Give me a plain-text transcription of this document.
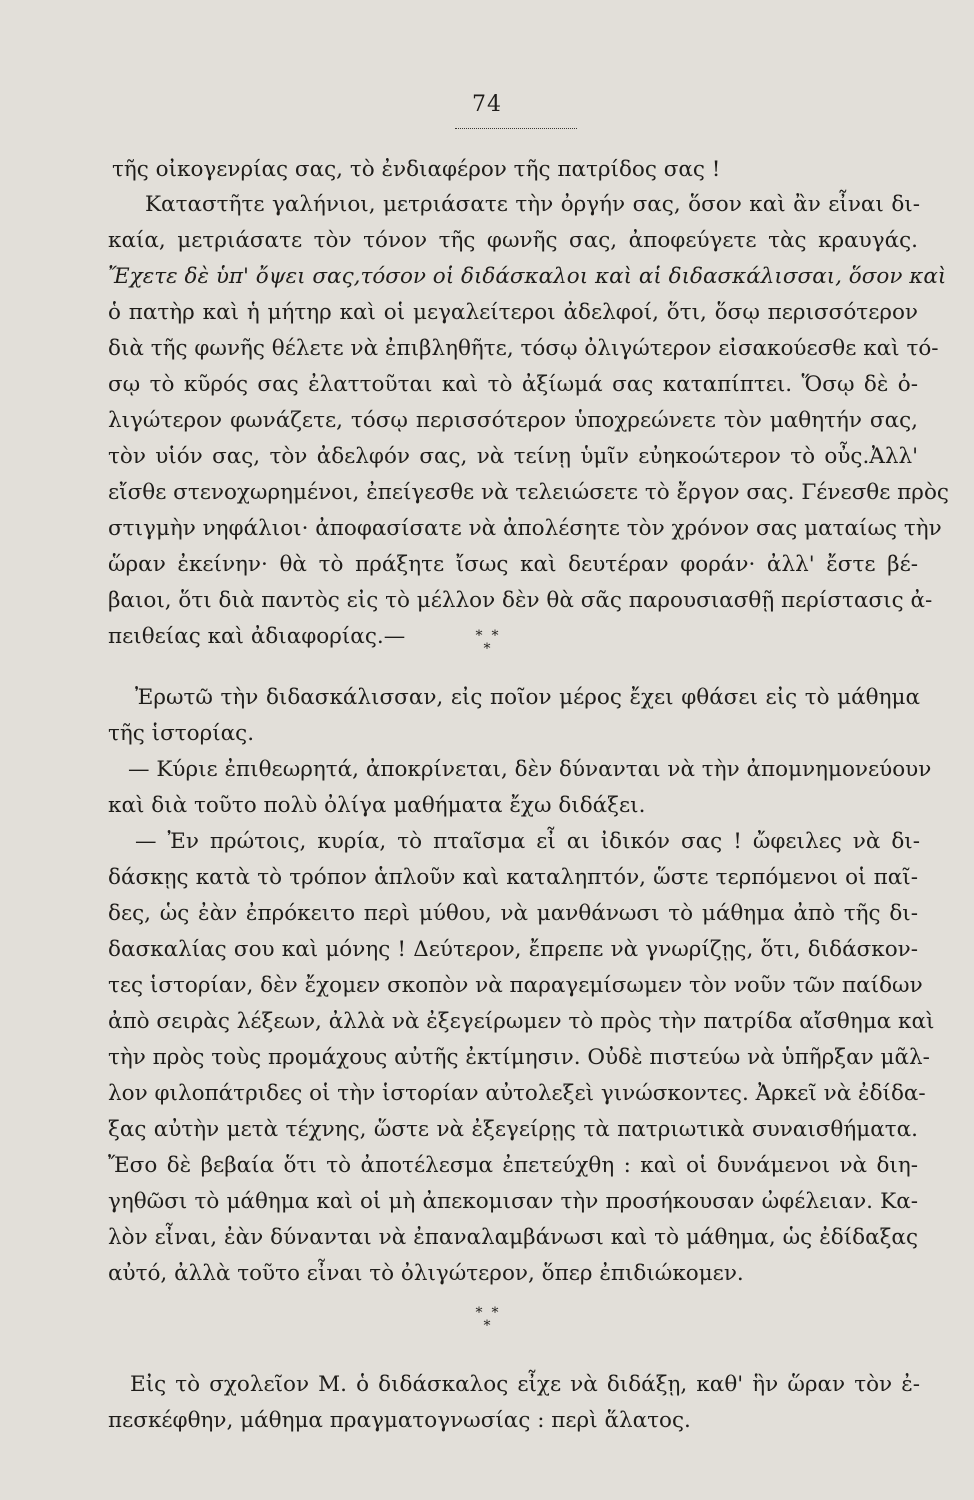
74
τῆς οἰκογενρίας σας, τὸ ἐνδιαφέρον τῆς πατρίδος σας !
Καταστῆτε γαλήνιοι, μετριάσατε τὴν ὀργήν σας, ὅσον καὶ ἂν εἶναι δι-
καία, μετριάσατε τὸν τόνον τῆς φωνῆς σας, ἀποφεύγετε τὰς κραυγάς.
Ἔχετε δὲ ὑπ' ὄψει σας,τόσον οἱ διδάσκαλοι καὶ αἱ διδασκάλισσαι, ὅσον καὶ
ὁ πατὴρ καὶ ἡ μήτηρ καὶ οἱ μεγαλείτεροι ἀδελφοί, ὅτι, ὅσῳ περισσότερον
διὰ τῆς φωνῆς θέλετε νὰ ἐπιβληθῆτε, τόσῳ ὀλιγώτερον εἰσακούεσθε καὶ τό-
σῳ τὸ κῦρός σας ἐλαττοῦται καὶ τὸ ἀξίωμά σας καταπίπτει. Ὅσῳ δὲ ὀ-
λιγώτερον φωνάζετε, τόσῳ περισσότερον ὑποχρεώνετε τὸν μαθητήν σας,
τὸν υἱόν σας, τὸν ἀδελφόν σας, νὰ τείνῃ ὑμῖν εὐηκοώτερον τὸ οὖς.Ἀλλ'
εἴσθε στενοχωρημένοι, ἐπείγεσθε νὰ τελειώσετε τὸ ἔργον σας. Γένεσθε πρὸς
στιγμὴν νηφάλιοι· ἀποφασίσατε νὰ ἀπολέσητε τὸν χρόνον σας ματαίως τὴν
ὥραν ἐκείνην· θὰ τὸ πράξητε ἴσως καὶ δευτέραν φοράν· ἀλλ' ἔστε βέ-
βαιοι, ὅτι διὰ παντὸς εἰς τὸ μέλλον δὲν θὰ σᾶς παρουσιασθῇ περίστασις ἀ-
πειθείας καὶ ἀδιαφορίας.—	* *
*
Ἐρωτῶ τὴν διδασκάλισσαν, εἰς ποῖον μέρος ἔχει φθάσει εἰς τὸ μάθημα
τῆς ἱστορίας.
— Κύριε ἐπιθεωρητά, ἀποκρίνεται, δὲν δύνανται νὰ τὴν ἀπομνημονεύουν
καὶ διὰ τοῦτο πολὺ ὀλίγα μαθήματα ἔχω διδάξει.
— Ἐν πρώτοις, κυρία, τὸ πταῖσμα εἶ αι ἰδικόν σας ! ὤφειλες νὰ δι-
δάσκῃς κατὰ τὸ τρόπον ἁπλοῦν καὶ καταληπτόν, ὥστε τερπόμενοι οἱ παῖ-
δες, ὡς ἐὰν ἐπρόκειτο περὶ μύθου, νὰ μανθάνωσι τὸ μάθημα ἀπὸ τῆς δι-
δασκαλίας σου καὶ μόνης ! Δεύτερον, ἔπρεπε νὰ γνωρίζῃς, ὅτι, διδάσκον-
τες ἱστορίαν, δὲν ἔχομεν σκοπὸν νὰ παραγεμίσωμεν τὸν νοῦν τῶν παίδων
ἀπὸ σειρὰς λέξεων, ἀλλὰ νὰ ἐξεγείρωμεν τὸ πρὸς τὴν πατρίδα αἴσθημα καὶ
τὴν πρὸς τοὺς προμάχους αὐτῆς ἐκτίμησιν. Οὐδὲ πιστεύω νὰ ὑπῆρξαν μᾶλ-
λον φιλοπάτριδες οἱ τὴν ἱστορίαν αὐτολεξεὶ γινώσκοντες. Ἀρκεῖ νὰ ἐδίδα-
ξας αὐτὴν μετὰ τέχνης, ὥστε νὰ ἐξεγείρῃς τὰ πατριωτικὰ συναισθήματα.
Ἔσο δὲ βεβαία ὅτι τὸ ἀποτέλεσμα ἐπετεύχθη : καὶ οἱ δυνάμενοι νὰ διη-
γηθῶσι τὸ μάθημα καὶ οἱ μὴ ἀπεκομισαν τὴν προσήκουσαν ὠφέλειαν. Κα-
λὸν εἶναι, ἐὰν δύνανται νὰ ἐπαναλαμβάνωσι καὶ τὸ μάθημα, ὡς ἐδίδαξας
αὐτό, ἀλλὰ τοῦτο εἶναι τὸ ὀλιγώτερον, ὅπερ ἐπιδιώκομεν.
* *
*
Εἰς τὸ σχολεῖον Μ. ὁ διδάσκαλος εἶχε νὰ διδάξῃ, καθ' ἣν ὥραν τὸν ἐ-
πεσκέφθην, μάθημα πραγματογνωσίας : περὶ ἅλατος.
